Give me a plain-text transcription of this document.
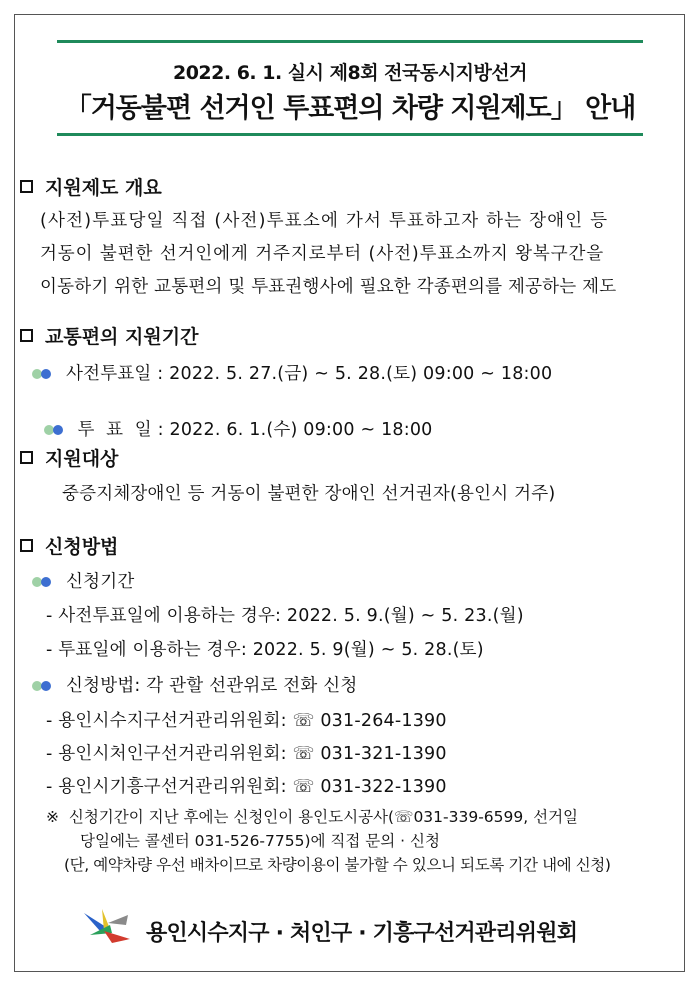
2022. 6. 1. 실시 제8회 전국동시지방선거
「거동불편 선거인 투표편의 차량 지원제도」 안내
지원제도 개요
(사전)투표당일 직접 (사전)투표소에 가서 투표하고자 하는 장애인 등
거동이 불편한 선거인에게 거주지로부터 (사전)투표소까지 왕복구간을
이동하기 위한 교통편의 및 투표권행사에 필요한 각종편의를 제공하는 제도
교통편의 지원기간
사전투표일 : 2022. 5. 27.(금) ~ 5. 28.(토) 09:00 ~ 18:00

투  표  일 : 2022. 6. 1.(수) 09:00 ~ 18:00

지원대상
중증지체장애인 등 거동이 불편한 장애인 선거권자(용인시 거주)
신청방법
신청기간
- 사전투표일에 이용하는 경우: 2022. 5. 9.(월) ~ 5. 23.(월)
- 투표일에 이용하는 경우: 2022. 5. 9(월) ~ 5. 28.(토)
신청방법: 각 관할 선관위로 전화 신청
- 용인시수지구선거관리위원회: ☏ 031-264-1390
- 용인시처인구선거관리위원회: ☏ 031-321-1390
- 용인시기흥구선거관리위원회: ☏ 031-322-1390
※  신청기간이 지난 후에는 신청인이 용인도시공사(☏031-339-6599, 선거일
당일에는 콜센터 031-526-7755)에 직접 문의 · 신청
(단, 예약차량 우선 배차이므로 차량이용이 불가할 수 있으니 되도록 기간 내에 신청)
용인시수지구 · 처인구 · 기흥구선거관리위원회
